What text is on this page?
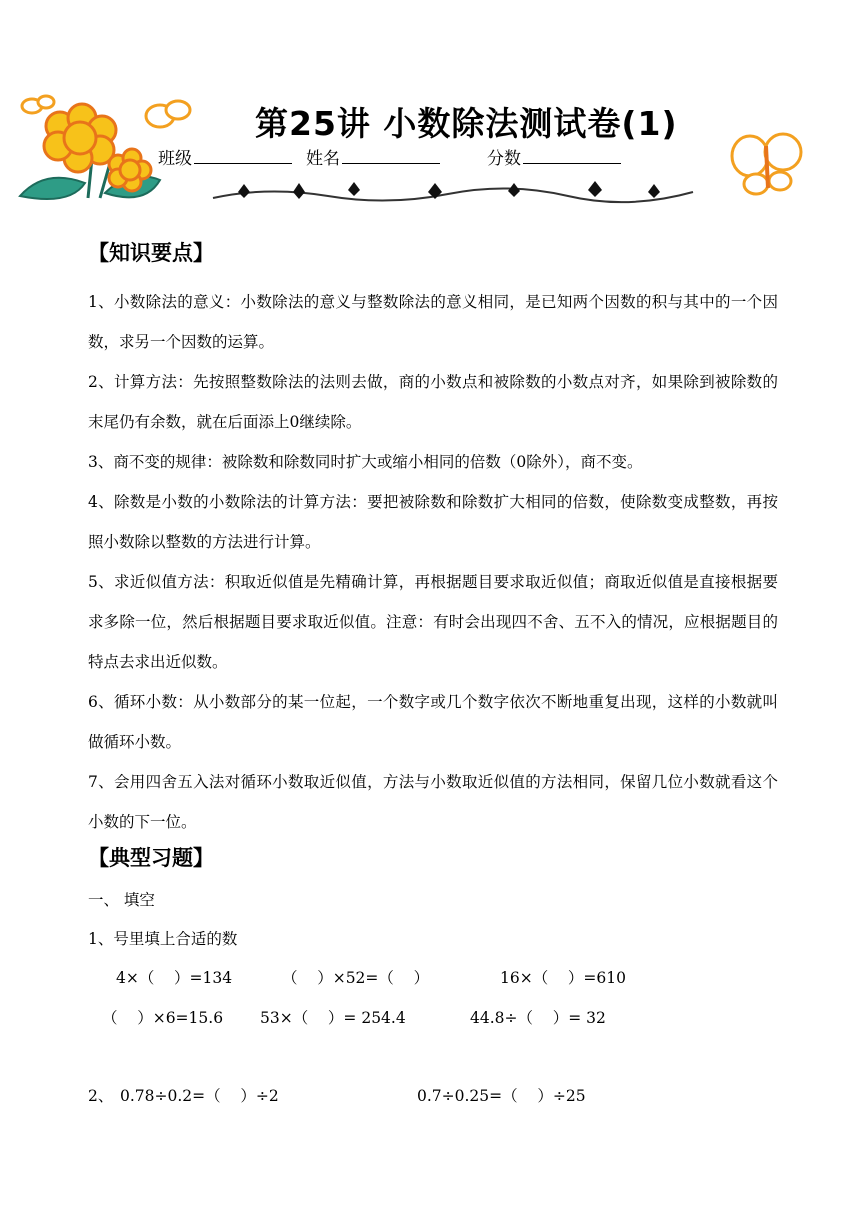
第25讲 小数除法测试卷(1)
班级	姓名	分数
【知识要点】
1、小数除法的意义：小数除法的意义与整数除法的意义相同，是已知两个因数的积与其中的一个因数，求另一个因数的运算。
2、计算方法：先按照整数除法的法则去做，商的小数点和被除数的小数点对齐，如果除到被除数的末尾仍有余数，就在后面添上0继续除。
3、商不变的规律：被除数和除数同时扩大或缩小相同的倍数（0除外），商不变。
4、除数是小数的小数除法的计算方法：要把被除数和除数扩大相同的倍数，使除数变成整数，再按照小数除以整数的方法进行计算。
5、求近似值方法：积取近似值是先精确计算，再根据题目要求取近似值；商取近似值是直接根据要求多除一位，然后根据题目要求取近似值。注意：有时会出现四不舍、五不入的情况，应根据题目的特点去求出近似数。
6、循环小数：从小数部分的某一位起，一个数字或几个数字依次不断地重复出现，这样的小数就叫做循环小数。
7、会用四舍五入法对循环小数取近似值，方法与小数取近似值的方法相同，保留几位小数就看这个小数的下一位。
【典型习题】
一、 填空
1、号里填上合适的数
4×（    ）=134	（    ）×52=（    ）	16×（    ）=610
（    ）×6=15.6 53×（    ）= 254.4	44.8÷（    ）= 32
2、 0.78÷0.2=（    ）÷2	0.7÷0.25=（    ）÷25
